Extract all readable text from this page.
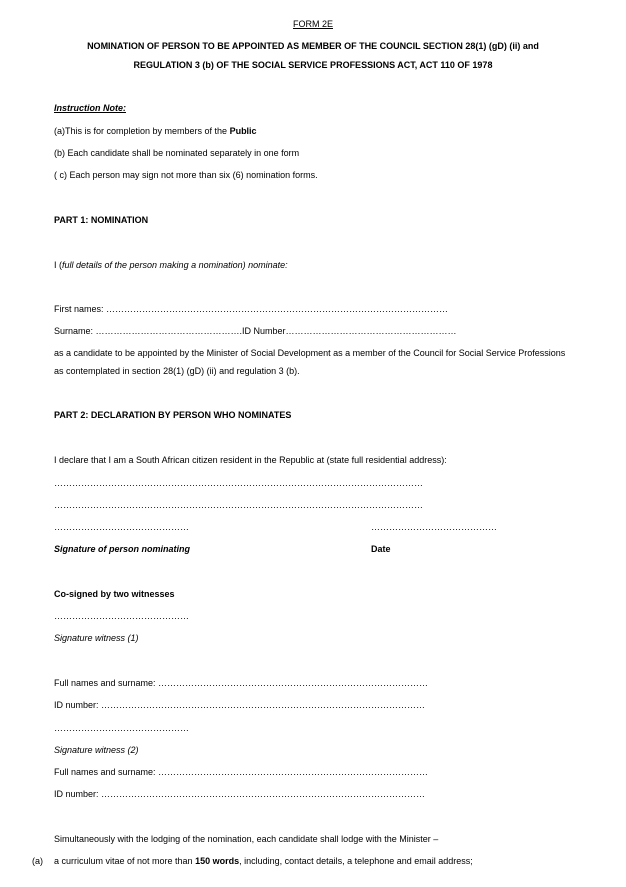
FORM 2E
NOMINATION OF PERSON TO BE APPOINTED AS MEMBER OF THE COUNCIL SECTION 28(1) (gD) (ii) and
REGULATION 3 (b) OF THE SOCIAL SERVICE PROFESSIONS ACT, ACT 110 OF 1978
Instruction Note:
(a)This is for completion by members of the Public
(b) Each candidate shall be nominated separately in one form
( c) Each person may sign not more than six (6) nomination forms.
PART 1: NOMINATION
I (full details of the person making a nomination) nominate:
First names: ……………………………………………………………………………………………………
Surname: ………………………………………….ID Number…………………………………………………
as a candidate to be appointed by the Minister of Social Development as a member of the Council for Social Service Professions
as contemplated in section 28(1) (gD) (ii) and regulation 3 (b).
PART 2: DECLARATION BY PERSON WHO NOMINATES
I declare that I am a South African citizen resident in the Republic at (state full residential address):
……………………………………………………………………………………………………………
……………………………………………………………………………………………………………
………………………………………	……………………………………
Signature of person nominating	Date
Co-signed by two witnesses
………………………………………
Signature witness (1)
Full names and surname: ………………………………………………………………………………
ID number: ………………………………………………………………………………………………
………………………………………
Signature witness (2)
Full names and surname: ………………………………………………………………………………
ID number: ………………………………………………………………………………………………
Simultaneously with the lodging of the nomination, each candidate shall lodge with the Minister –
(a) a curriculum vitae of not more than 150 words, including, contact details, a telephone and email address;
